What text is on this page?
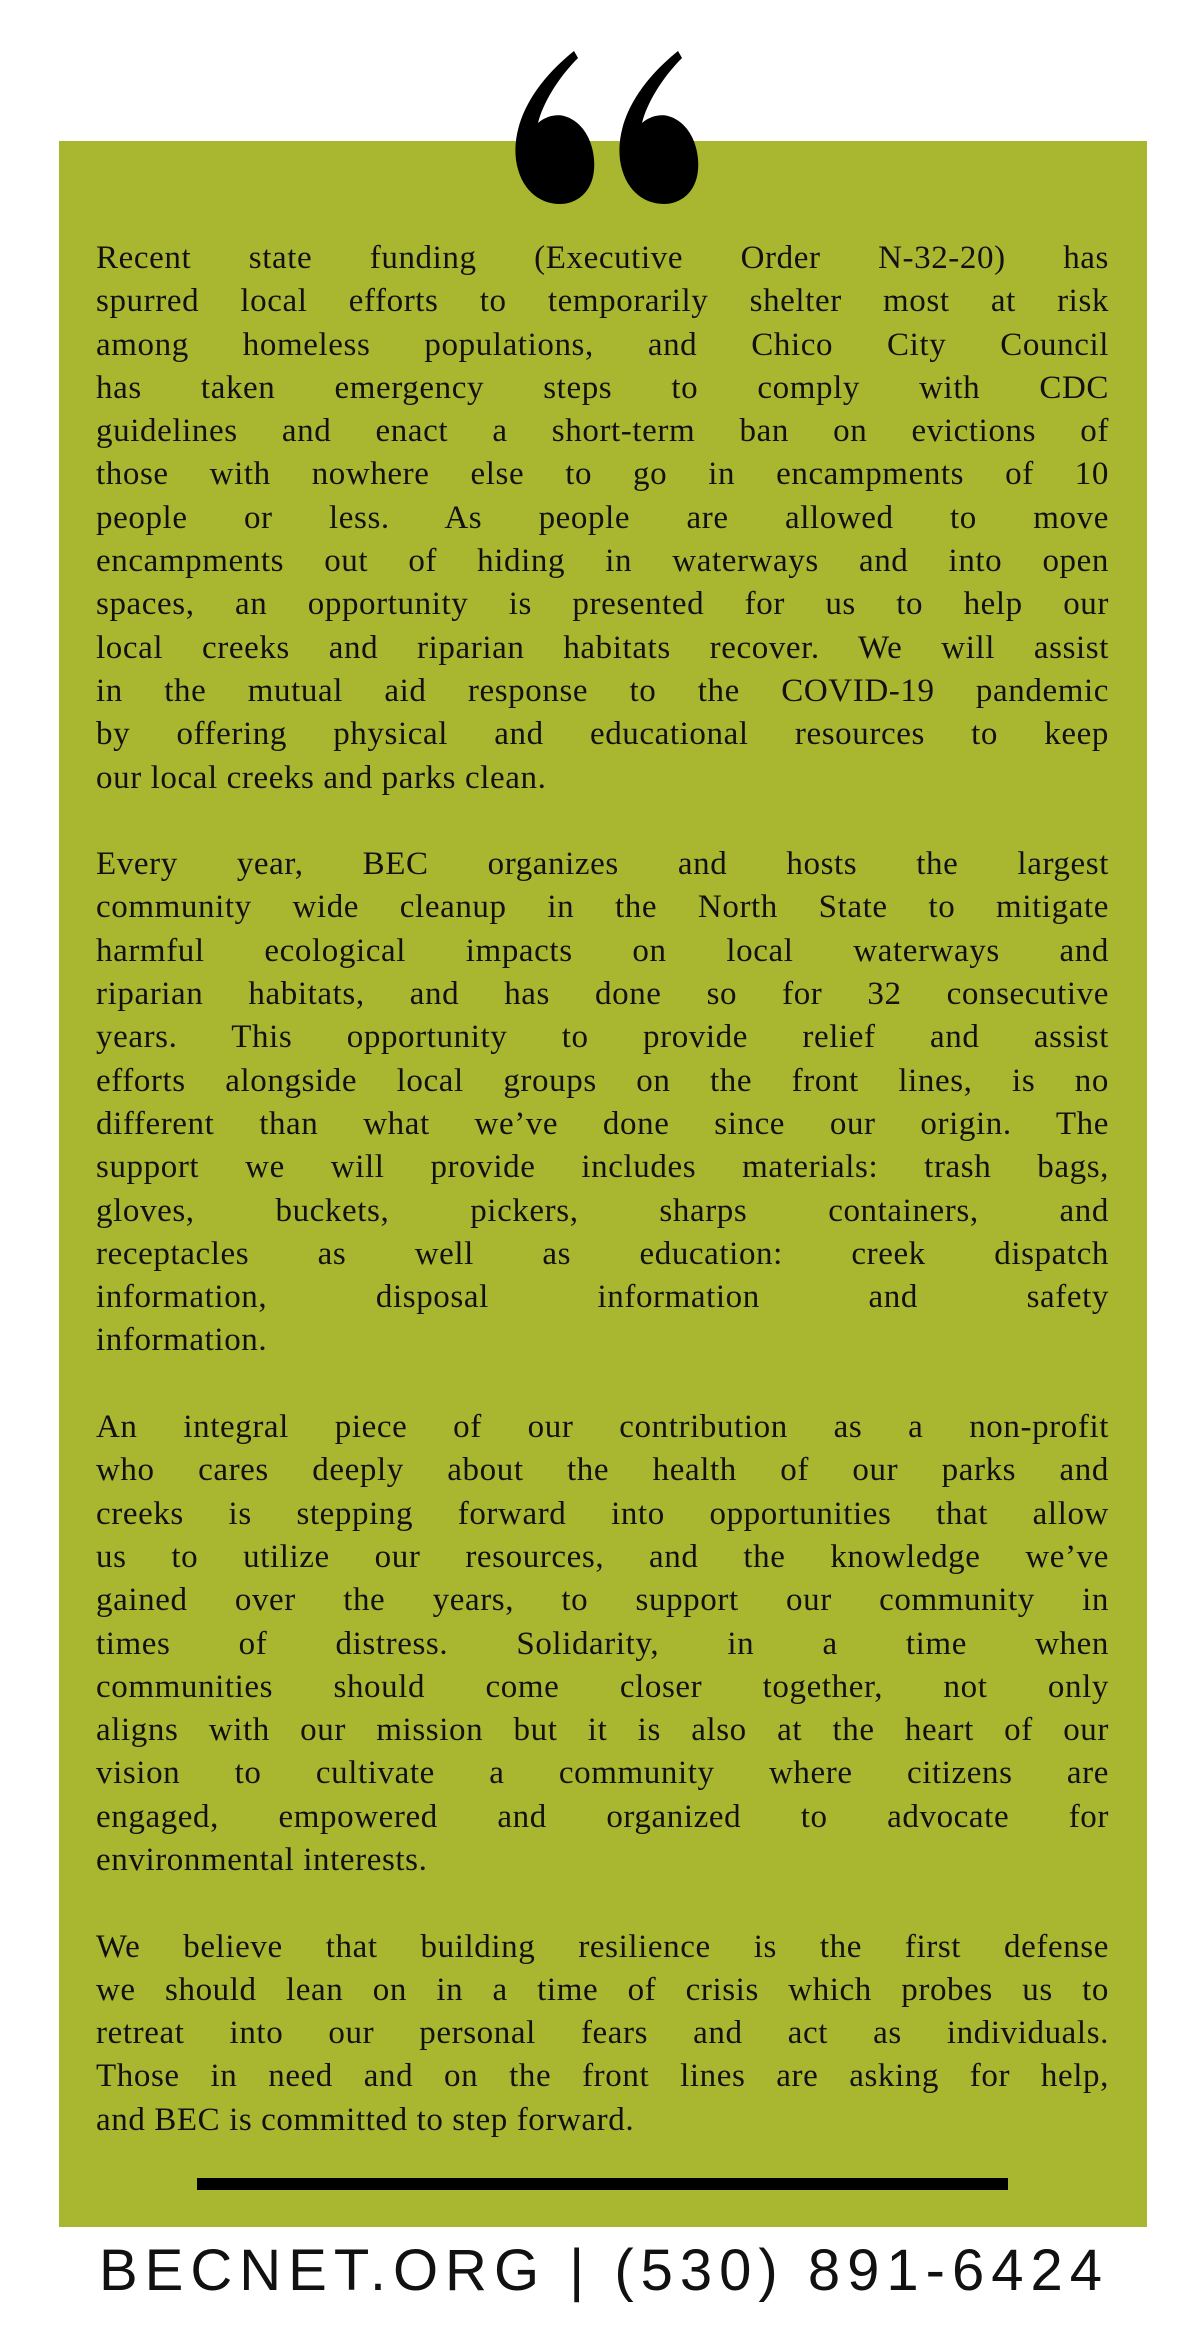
Recent state funding (Executive Order N-32-20) has
spurred local efforts to temporarily shelter most at risk
among homeless populations, and Chico City Council
has taken emergency steps to comply with CDC
guidelines and enact a short-term ban on evictions of
those with nowhere else to go in encampments of 10
people or less. As people are allowed to move
encampments out of hiding in waterways and into open
spaces, an opportunity is presented for us to help our
local creeks and riparian habitats recover. We will assist
in the mutual aid response to the COVID-19 pandemic
by offering physical and educational resources to keep
our local creeks and parks clean.
Every year, BEC organizes and hosts the largest
community wide cleanup in the North State to mitigate
harmful ecological impacts on local waterways and
riparian habitats, and has done so for 32 consecutive
years. This opportunity to provide relief and assist
efforts alongside local groups on the front lines, is no
different than what we’ve done since our origin. The
support we will provide includes materials: trash bags,
gloves, buckets, pickers, sharps containers, and
receptacles as well as education: creek dispatch
information, disposal information and safety
information.
An integral piece of our contribution as a non-profit
who cares deeply about the health of our parks and
creeks is stepping forward into opportunities that allow
us to utilize our resources, and the knowledge we’ve
gained over the years, to support our community in
times of distress. Solidarity, in a time when
communities should come closer together, not only
aligns with our mission but it is also at the heart of our
vision to cultivate a community where citizens are
engaged, empowered and organized to advocate for
environmental interests.
We believe that building resilience is the first defense
we should lean on in a time of crisis which probes us to
retreat into our personal fears and act as individuals.
Those in need and on the front lines are asking for help,
and BEC is committed to step forward.
BECNET.ORG | (530) 891-6424
